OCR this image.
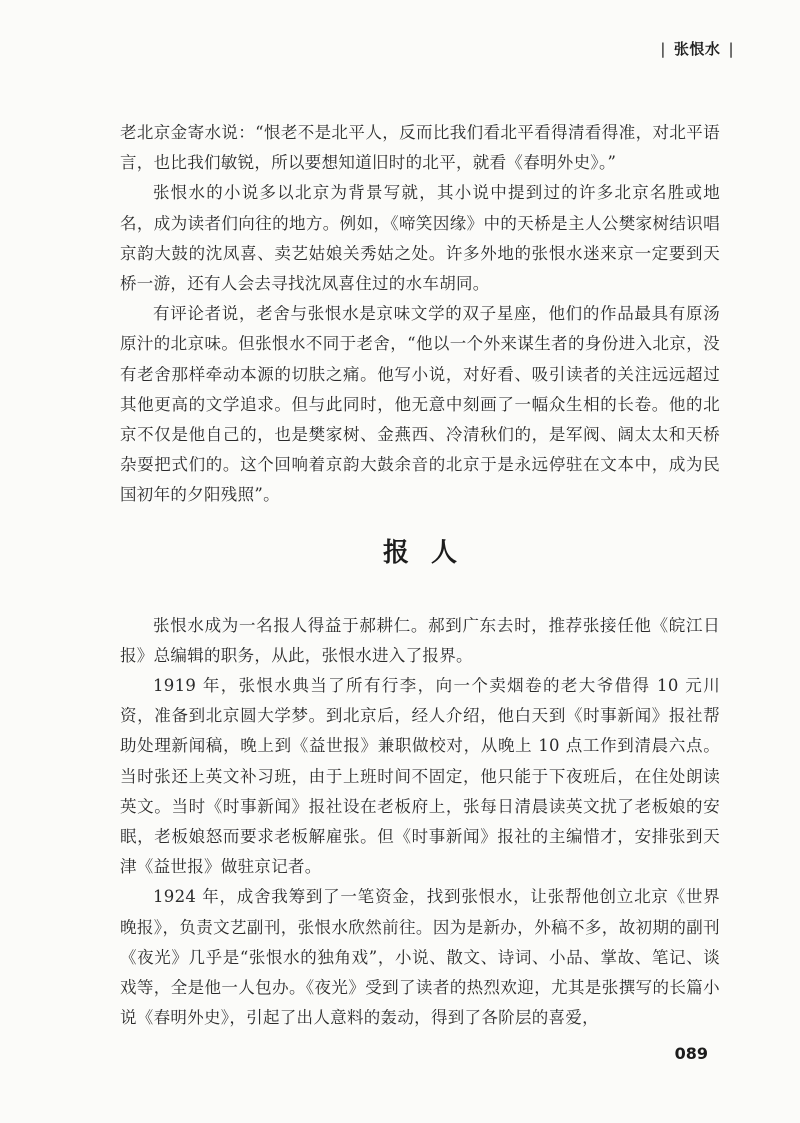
| 张恨水 |

老北京金寄水说：“恨老不是北平人，反而比我们看北平看得清看得准，对北平语言，也比我们敏锐，所以要想知道旧时的北平，就看《春明外史》。”

张恨水的小说多以北京为背景写就，其小说中提到过的许多北京名胜或地名，成为读者们向往的地方。例如，《啼笑因缘》中的天桥是主人公樊家树结识唱京韵大鼓的沈凤喜、卖艺姑娘关秀姑之处。许多外地的张恨水迷来京一定要到天桥一游，还有人会去寻找沈凤喜住过的水车胡同。

有评论者说，老舍与张恨水是京味文学的双子星座，他们的作品最具有原汤原汁的北京味。但张恨水不同于老舍，“他以一个外来谋生者的身份进入北京，没有老舍那样牵动本源的切肤之痛。他写小说，对好看、吸引读者的关注远远超过其他更高的文学追求。但与此同时，他无意中刻画了一幅众生相的长卷。他的北京不仅是他自己的，也是樊家树、金燕西、冷清秋们的，是军阀、阔太太和天桥杂耍把式们的。这个回响着京韵大鼓余音的北京于是永远停驻在文本中，成为民国初年的夕阳残照”。

报人

张恨水成为一名报人得益于郝耕仁。郝到广东去时，推荐张接任他《皖江日报》总编辑的职务，从此，张恨水进入了报界。

1919 年，张恨水典当了所有行李，向一个卖烟卷的老大爷借得 10 元川资，准备到北京圆大学梦。到北京后，经人介绍，他白天到《时事新闻》报社帮助处理新闻稿，晚上到《益世报》兼职做校对，从晚上 10 点工作到清晨六点。当时张还上英文补习班，由于上班时间不固定，他只能于下夜班后，在住处朗读英文。当时《时事新闻》报社设在老板府上，张每日清晨读英文扰了老板娘的安眠，老板娘怒而要求老板解雇张。但《时事新闻》报社的主编惜才，安排张到天津《益世报》做驻京记者。

1924 年，成舍我筹到了一笔资金，找到张恨水，让张帮他创立北京《世界晚报》，负责文艺副刊，张恨水欣然前往。因为是新办，外稿不多，故初期的副刊《夜光》几乎是“张恨水的独角戏”，小说、散文、诗词、小品、掌故、笔记、谈戏等，全是他一人包办。《夜光》受到了读者的热烈欢迎，尤其是张撰写的长篇小说《春明外史》，引起了出人意料的轰动，得到了各阶层的喜爱，

089
